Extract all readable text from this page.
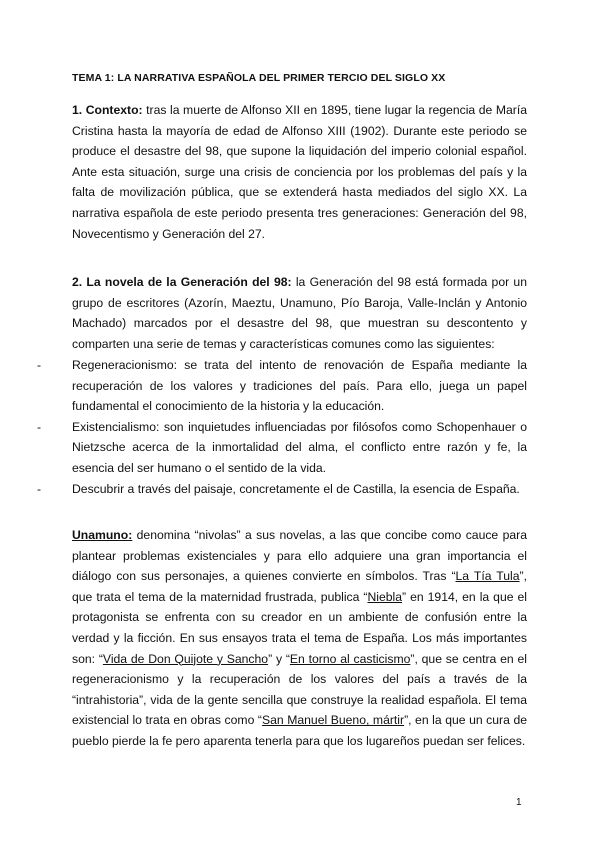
TEMA 1: LA NARRATIVA ESPAÑOLA DEL PRIMER TERCIO DEL SIGLO XX
1. Contexto: tras la muerte de Alfonso XII en 1895, tiene lugar la regencia de María Cristina hasta la mayoría de edad de Alfonso XIII (1902). Durante este periodo se produce el desastre del 98, que supone la liquidación del imperio colonial español. Ante esta situación, surge una crisis de conciencia por los problemas del país y la falta de movilización pública, que se extenderá hasta mediados del siglo XX. La narrativa española de este periodo presenta tres generaciones: Generación del 98, Novecentismo y Generación del 27.
2. La novela de la Generación del 98: la Generación del 98 está formada por un grupo de escritores (Azorín, Maeztu, Unamuno, Pío Baroja, Valle-Inclán y Antonio Machado) marcados por el desastre del 98, que muestran su descontento y comparten una serie de temas y características comunes como las siguientes:
-	Regeneracionismo: se trata del intento de renovación de España mediante la recuperación de los valores y tradiciones del país. Para ello, juega un papel fundamental el conocimiento de la historia y la educación.
-	Existencialismo: son inquietudes influenciadas por filósofos como Schopenhauer o Nietzsche acerca de la inmortalidad del alma, el conflicto entre razón y fe, la esencia del ser humano o el sentido de la vida.
-	Descubrir a través del paisaje, concretamente el de Castilla, la esencia de España.
Unamuno: denomina “nivolas” a sus novelas, a las que concibe como cauce para plantear problemas existenciales y para ello adquiere una gran importancia el diálogo con sus personajes, a quienes convierte en símbolos. Tras “La Tía Tula”, que trata el tema de la maternidad frustrada, publica “Niebla” en 1914, en la que el protagonista se enfrenta con su creador en un ambiente de confusión entre la verdad y la ficción. En sus ensayos trata el tema de España. Los más importantes son: “Vida de Don Quijote y Sancho” y “En torno al casticismo”, que se centra en el regeneracionismo y la recuperación de los valores del país a través de la “intrahistoria”, vida de la gente sencilla que construye la realidad española. El tema existencial lo trata en obras como “San Manuel Bueno, mártir”, en la que un cura de pueblo pierde la fe pero aparenta tenerla para que los lugareños puedan ser felices.
1
